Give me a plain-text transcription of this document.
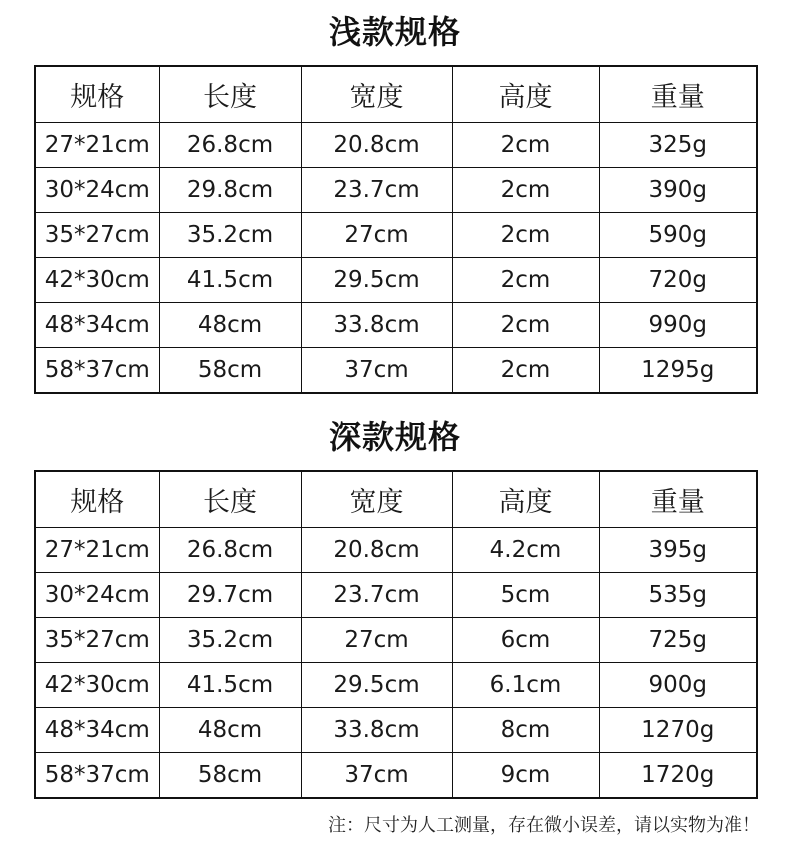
浅款规格
规格	长度	宽度	高度	重量
27*21cm	26.8cm	20.8cm	2cm	325g
30*24cm	29.8cm	23.7cm	2cm	390g
35*27cm	35.2cm	27cm	2cm	590g
42*30cm	41.5cm	29.5cm	2cm	720g
48*34cm	48cm	33.8cm	2cm	990g
58*37cm	58cm	37cm	2cm	1295g
深款规格
规格	长度	宽度	高度	重量
27*21cm	26.8cm	20.8cm	4.2cm	395g
30*24cm	29.7cm	23.7cm	5cm	535g
35*27cm	35.2cm	27cm	6cm	725g
42*30cm	41.5cm	29.5cm	6.1cm	900g
48*34cm	48cm	33.8cm	8cm	1270g
58*37cm	58cm	37cm	9cm	1720g
注：尺寸为人工测量，存在微小误差，请以实物为准！
